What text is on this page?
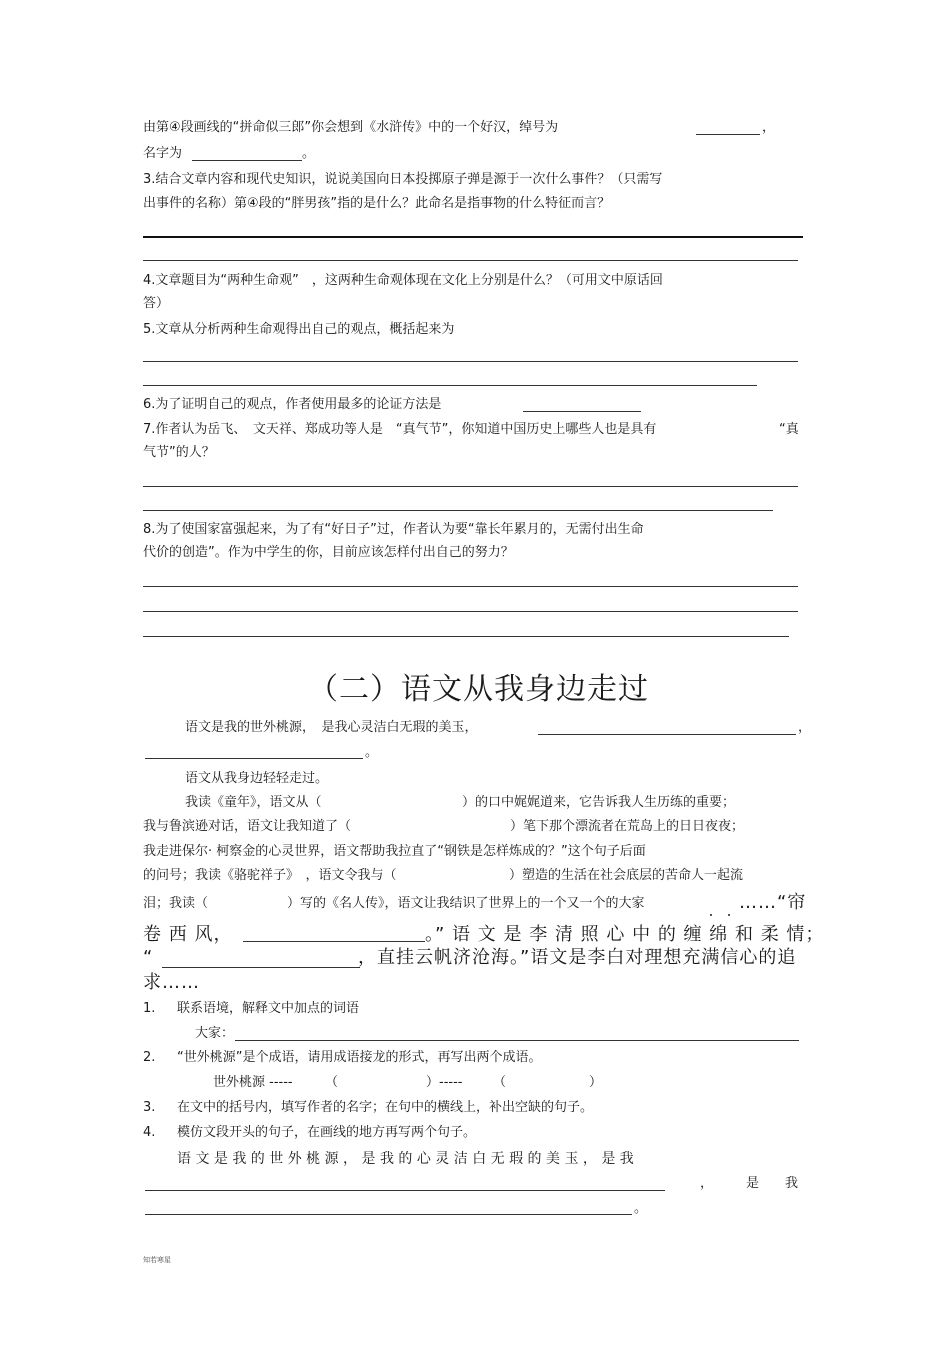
由第④段画线的“拼命似三郎”你会想到《水浒传》中的一个好汉，绰号为	，
名字为	。
3.结合文章内容和现代史知识，说说美国向日本投掷原子弹是源于一次什么事件？（只需写
出事件的名称）第④段的“胖男孩”指的是什么？此命名是指事物的什么特征而言？
4.文章题目为“两种生命观”　，这两种生命观体现在文化上分别是什么？（可用文中原话回
答）
5.文章从分析两种生命观得出自己的观点，概括起来为
6.为了证明自己的观点，作者使用最多的论证方法是
7.作者认为岳飞、　文天祥、郑成功等人是　“真气节”，你知道中国历史上哪些人也是具有	“真
气节”的人？
8.为了使国家富强起来，为了有“好日子”过，作者认为要“靠长年累月的，无需付出生命
代价的创造”。作为中学生的你，目前应该怎样付出自己的努力？
（二）语文从我身边走过
语文是我的世外桃源，　是我心灵洁白无瑕的美玉，	，
。
语文从我身边轻轻走过。
我读《童年》，语文从（	）的口中娓娓道来，它告诉我人生历练的重要；
我与鲁滨逊对话，语文让我知道了（	）笔下那个漂流者在荒岛上的日日夜夜；
我走进保尔· 柯察金的心灵世界，语文帮助我拉直了“钢铁是怎样炼成的？”这个句子后面
的问号；我读《骆驼祥子》　，语文令我与（	）塑造的生活在社会底层的苦命人一起流
泪；我读（	）写的《名人传》，语文让我结识了世界上的一个又一个的大家	……“帘
卷 西 风，	。” 语 文 是 李 清 照 心 中 的 缠 绵 和 柔 情；
“	，直挂云帆济沧海。”语文是李白对理想充满信心的追
求……
1. 联系语境，解释文中加点的词语
大家：
2. “世外桃源”是个成语，请用成语接龙的形式，再写出两个成语。
世外桃源 ----- （	）----- （	）
3. 在文中的括号内，填写作者的名字；在句中的横线上，补出空缺的句子。
4. 模仿文段开头的句子，在画线的地方再写两个句子。
语 文 是 我 的 世 外 桃 源 ， 是 我 的 心 灵 洁 白 无 瑕 的 美 玉 ， 是 我
，	是　　我
。
知若寒星
